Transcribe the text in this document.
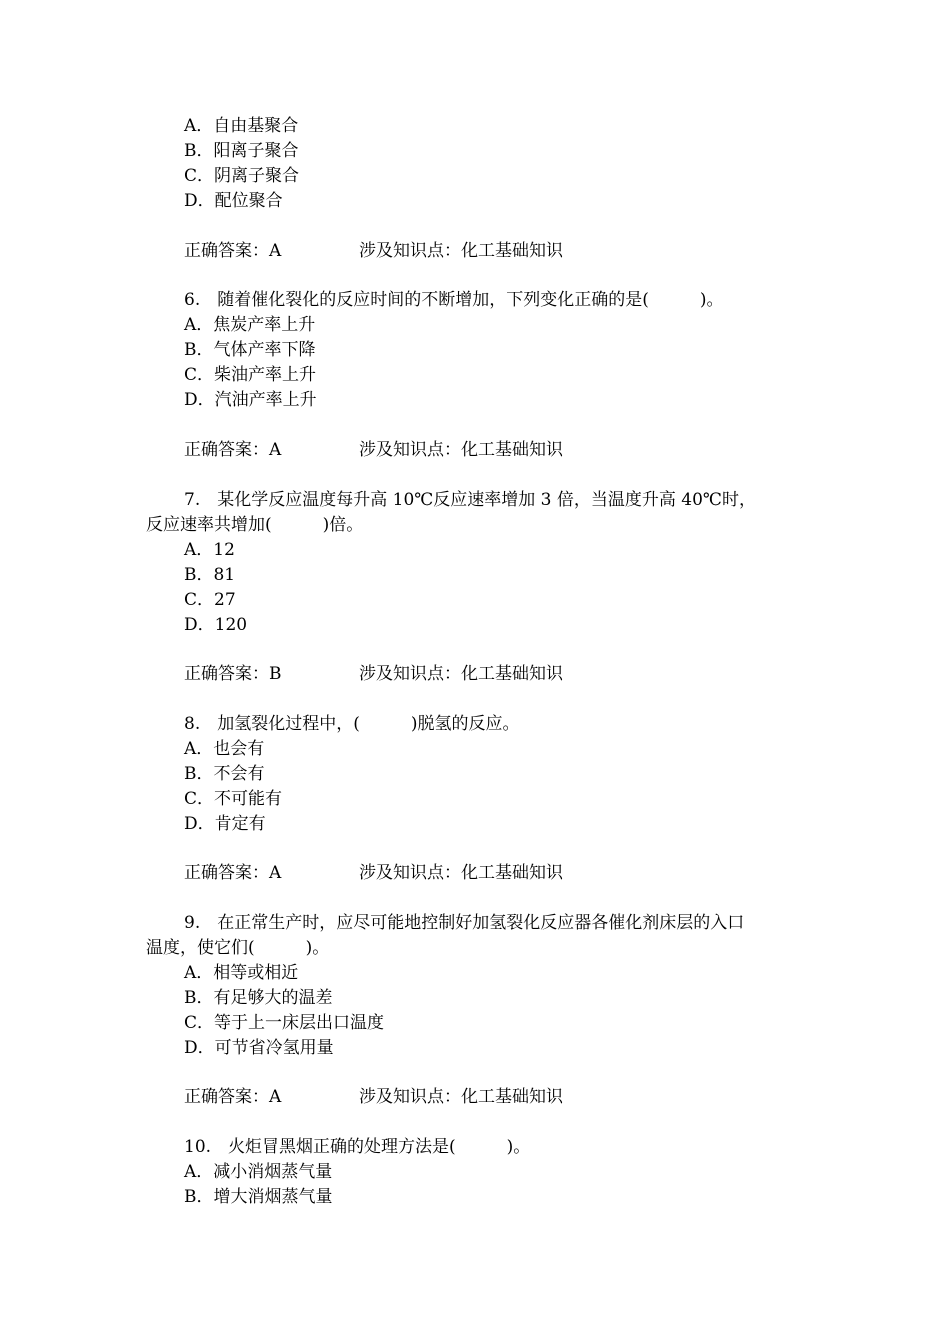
A．自由基聚合
B．阳离子聚合
C．阴离子聚合
D．配位聚合
正确答案：A	涉及知识点：化工基础知识
6.　随着催化裂化的反应时间的不断增加，下列变化正确的是(　　　)。
A．焦炭产率上升
B．气体产率下降
C．柴油产率上升
D．汽油产率上升
正确答案：A	涉及知识点：化工基础知识
7.　某化学反应温度每升高 10℃反应速率增加 3 倍，当温度升高 40℃时，
反应速率共增加(　　　)倍。
A．12
B．81
C．27
D．120
正确答案：B	涉及知识点：化工基础知识
8.　加氢裂化过程中，(　　　)脱氢的反应。
A．也会有
B．不会有
C．不可能有
D．肯定有
正确答案：A	涉及知识点：化工基础知识
9.　在正常生产时，应尽可能地控制好加氢裂化反应器各催化剂床层的入口
温度，使它们(　　　)。
A．相等或相近
B．有足够大的温差
C．等于上一床层出口温度
D．可节省冷氢用量
正确答案：A	涉及知识点：化工基础知识
10.　火炬冒黑烟正确的处理方法是(　　　)。
A．减小消烟蒸气量
B．增大消烟蒸气量
